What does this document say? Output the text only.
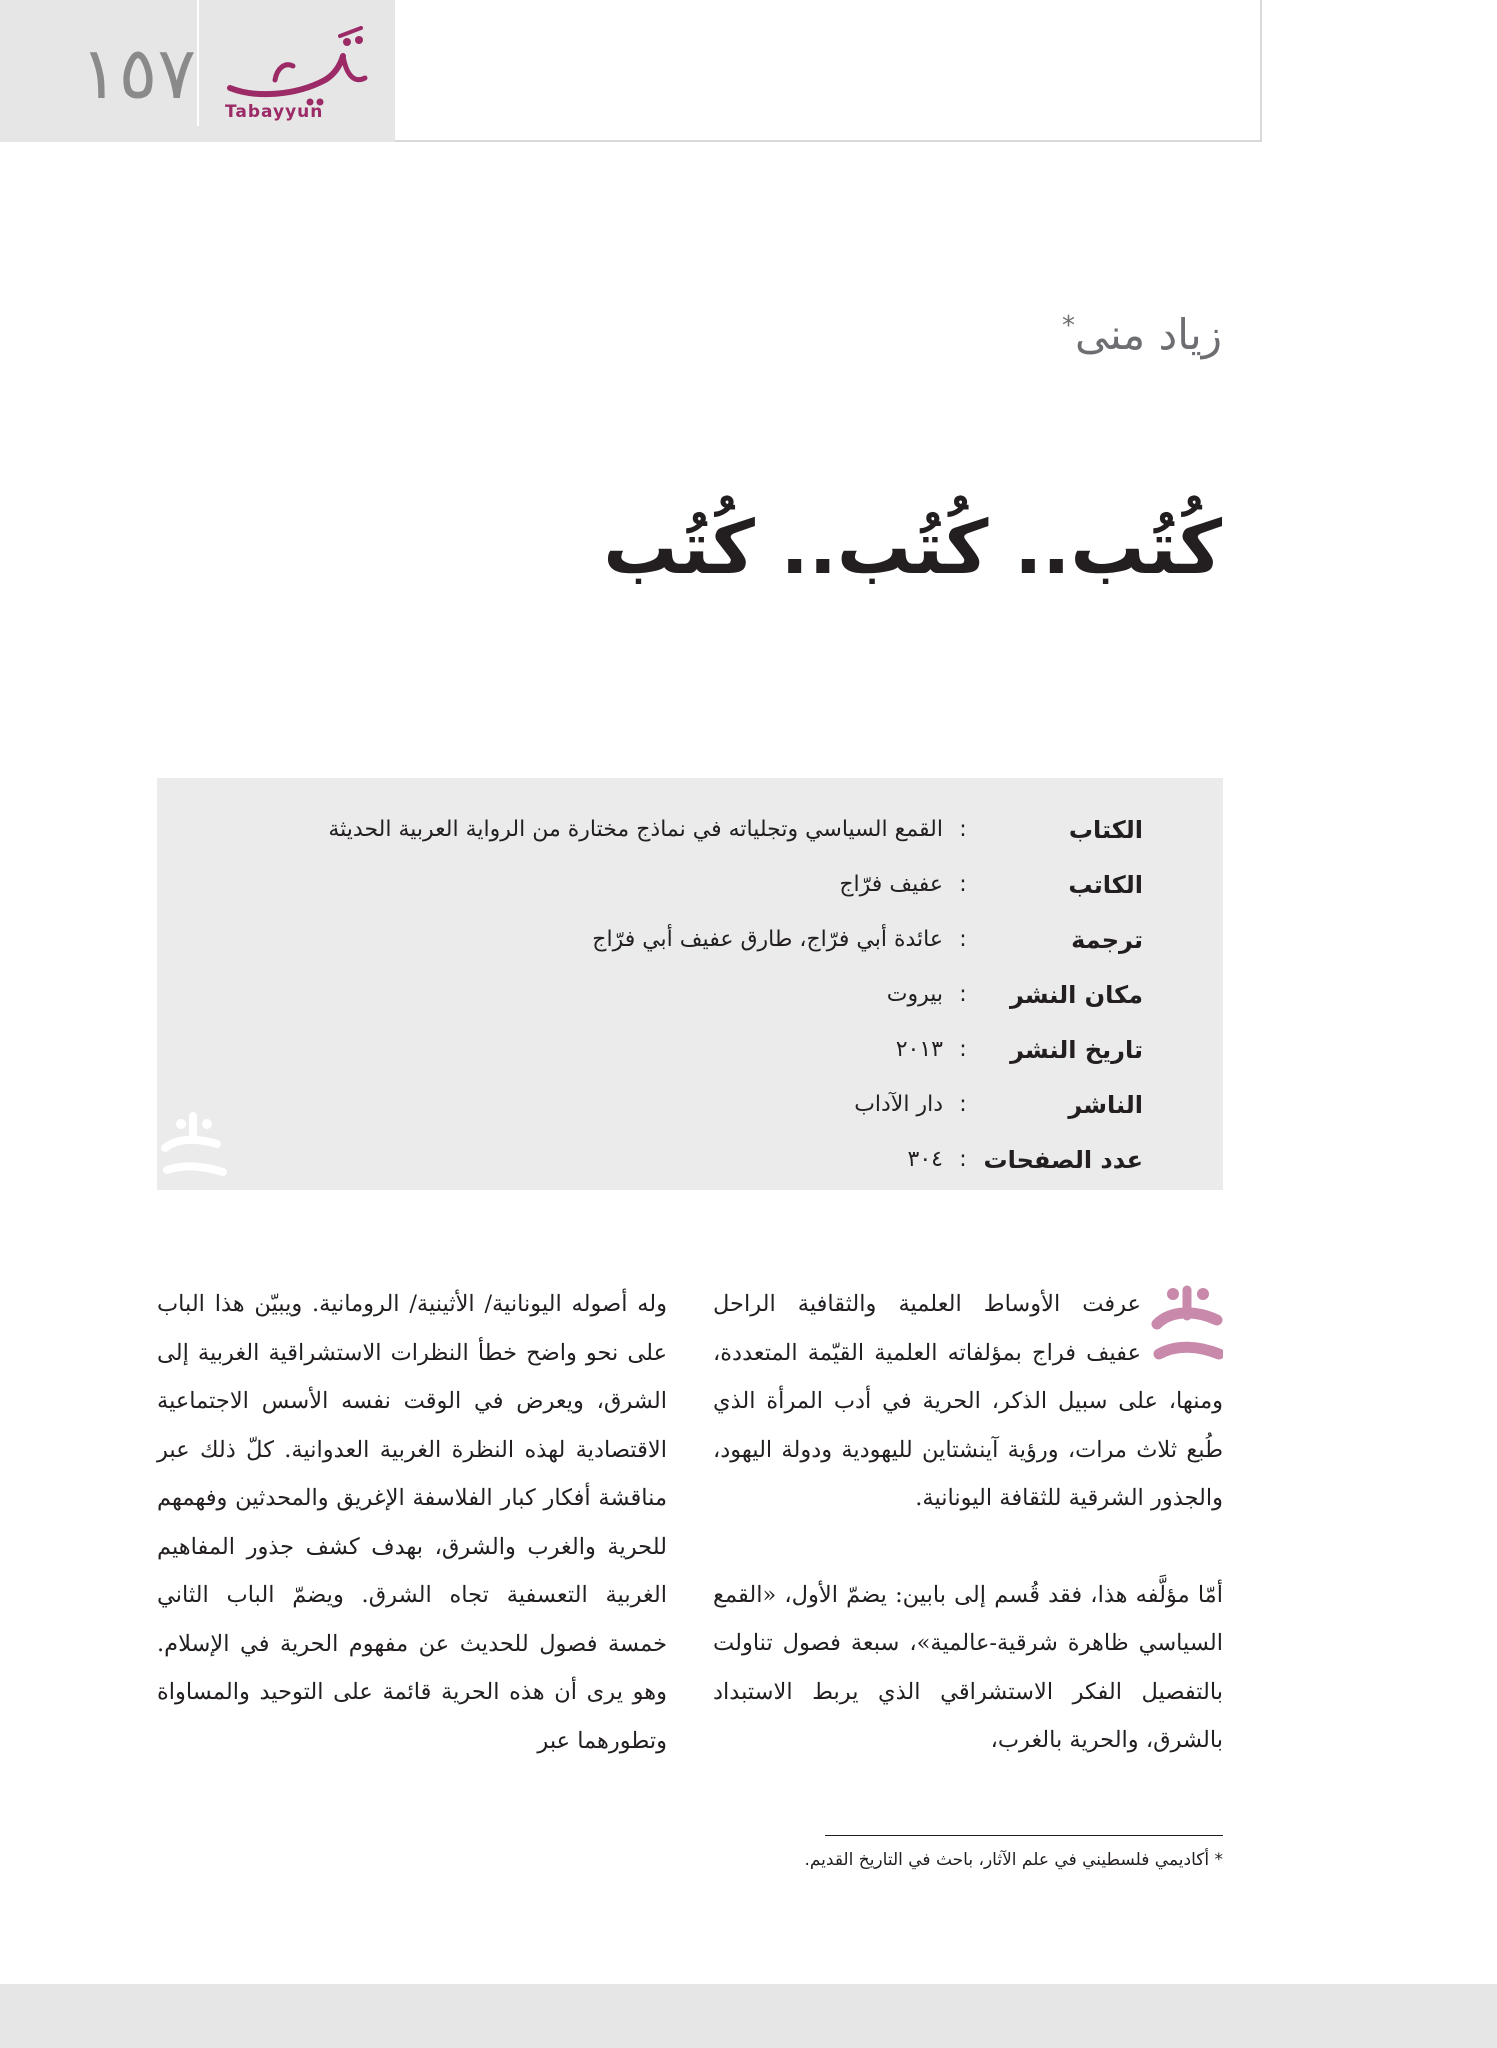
١٥٧ Tabayyun
زياد منى*
كُتُب.. كُتُب.. كُتُب
الكتاب
:
القمع السياسي وتجلياته في نماذج مختارة من الرواية العربية الحديثة
الكاتب
:
عفيف فرّاج
ترجمة
:
عائدة أبي فرّاج، طارق عفيف أبي فرّاج
مكان النشر
:
بيروت
تاريخ النشر
:
٢٠١٣
الناشر
:
دار الآداب
عدد الصفحات
:
٣٠٤

عرفت الأوساط العلمية والثقافية الراحل عفيف فراج بمؤلفاته العلمية القيّمة المتعددة، ومنها، على سبيل الذكر، الحرية في أدب المرأة الذي طُبع ثلاث مرات، ورؤية آينشتاين لليهودية ودولة اليهود، والجذور الشرقية للثقافة اليونانية.

أمّا مؤلَّفه هذا، فقد قُسم إلى بابين: يضمّ الأول، «القمع السياسي ظاهرة شرقية-عالمية»، سبعة فصول تناولت بالتفصيل الفكر الاستشراقي الذي يربط الاستبداد بالشرق، والحرية بالغرب،

وله أصوله اليونانية/ الأثينية/ الرومانية. ويبيّن هذا الباب على نحو واضح خطأ النظرات الاستشراقية الغربية إلى الشرق، ويعرض في الوقت نفسه الأسس الاجتماعية الاقتصادية لهذه النظرة الغربية العدوانية. كلّ ذلك عبر مناقشة أفكار كبار الفلاسفة الإغريق والمحدثين وفهمهم للحرية والغرب والشرق، بهدف كشف جذور المفاهيم الغربية التعسفية تجاه الشرق. ويضمّ الباب الثاني خمسة فصول للحديث عن مفهوم الحرية في الإسلام. وهو يرى أن هذه الحرية قائمة على التوحيد والمساواة وتطورهما عبر

* أكاديمي فلسطيني في علم الآثار، باحث في التاريخ القديم.
